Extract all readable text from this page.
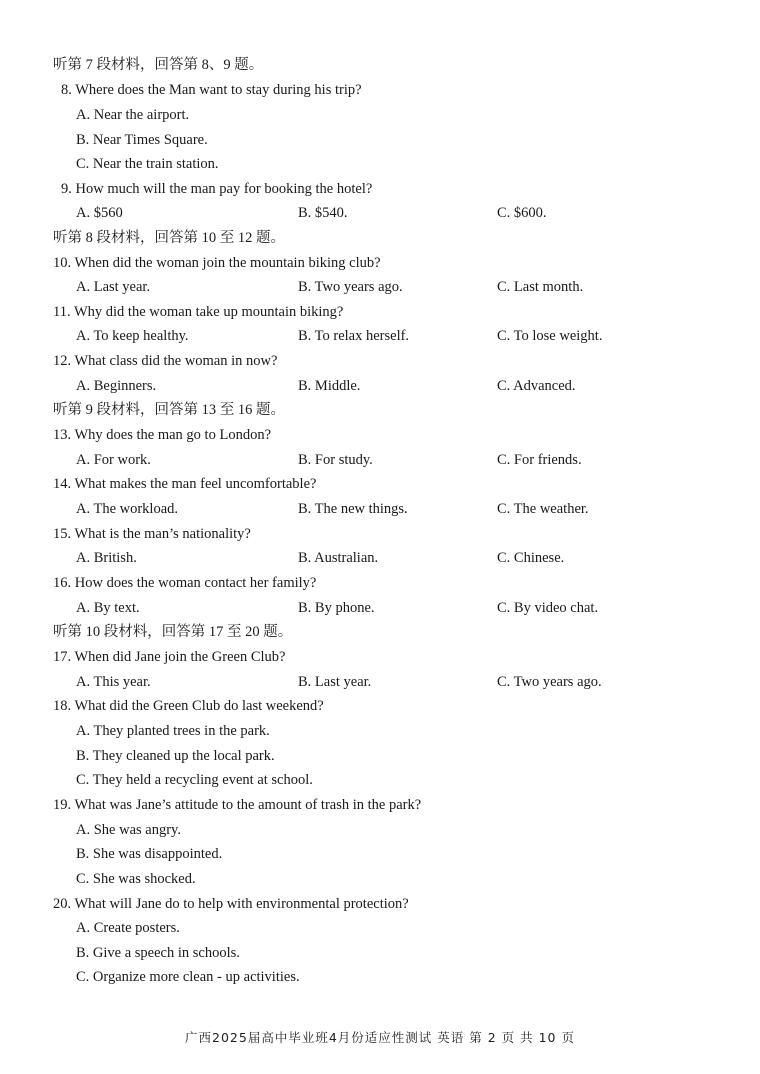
听第 7 段材料，回答第 8、9 题。
8. Where does the Man want to stay during his trip?
A. Near the airport.
B. Near Times Square.
C. Near the train station.
9. How much will the man pay for booking the hotel?
A. $560	B. $540.	C. $600.
听第 8 段材料，回答第 10 至 12 题。
10. When did the woman join the mountain biking club?
A. Last year.	B. Two years ago.	C. Last month.
11. Why did the woman take up mountain biking?
A. To keep healthy.	B. To relax herself.	C. To lose weight.
12. What class did the woman in now?
A. Beginners.	B. Middle.	C. Advanced.
听第 9 段材料，回答第 13 至 16 题。
13. Why does the man go to London?
A. For work.	B. For study.	C. For friends.
14. What makes the man feel uncomfortable?
A. The workload.	B. The new things.	C. The weather.
15. What is the man’s nationality?
A. British.	B. Australian.	C. Chinese.
16. How does the woman contact her family?
A. By text.	B. By phone.	C. By video chat.
听第 10 段材料，回答第 17 至 20 题。
17. When did Jane join the Green Club?
A. This year.	B. Last year.	C. Two years ago.
18. What did the Green Club do last weekend?
A. They planted trees in the park.
B. They cleaned up the local park.
C. They held a recycling event at school.
19. What was Jane’s attitude to the amount of trash in the park?
A. She was angry.
B. She was disappointed.
C. She was shocked.
20. What will Jane do to help with environmental protection?
A. Create posters.
B. Give a speech in schools.
C. Organize more clean - up activities.
广西2025届高中毕业班4月份适应性测试 英语 第 2 页 共 10 页
